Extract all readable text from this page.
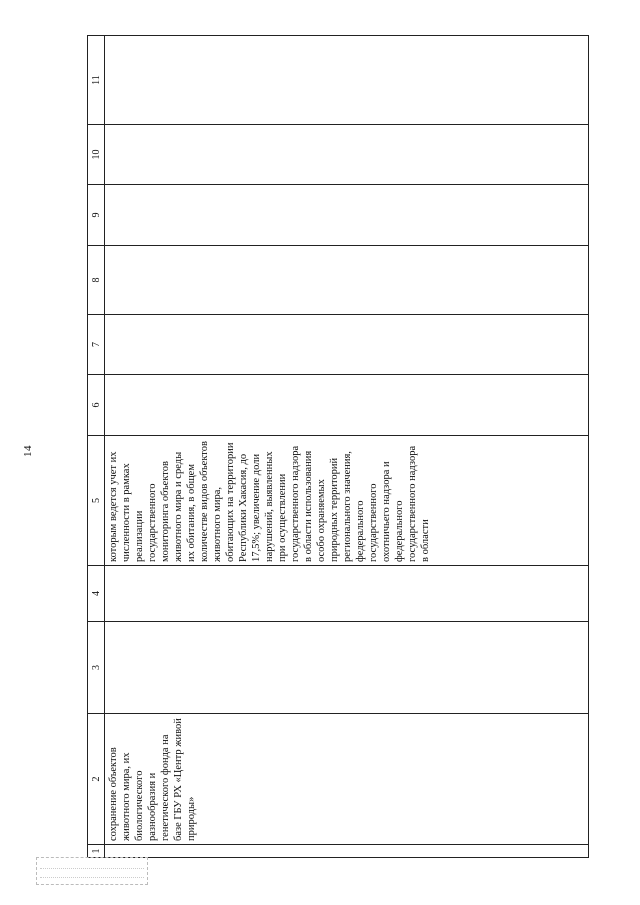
14
1	2	3	4	5	6	7	8	9	10	11

	сохранение объектов животного мира, их биологического разнообразия и генетического фонда на базе ГБУ РХ «Центр живой природы»			которым ведется учет их численности в рамках реализации государственного мониторинга объектов животного мира и среды их обитания, в общем количестве видов объектов животного мира, обитающих на территории Республики Хакасия, до 17,5%; увеличение доли нарушений, выявленных при осуществлении государственного надзора в области использования особо охраняемых природных территорий регионального значения, федерального государственного охотничьего надзора и федерального государственного надзора в области						
